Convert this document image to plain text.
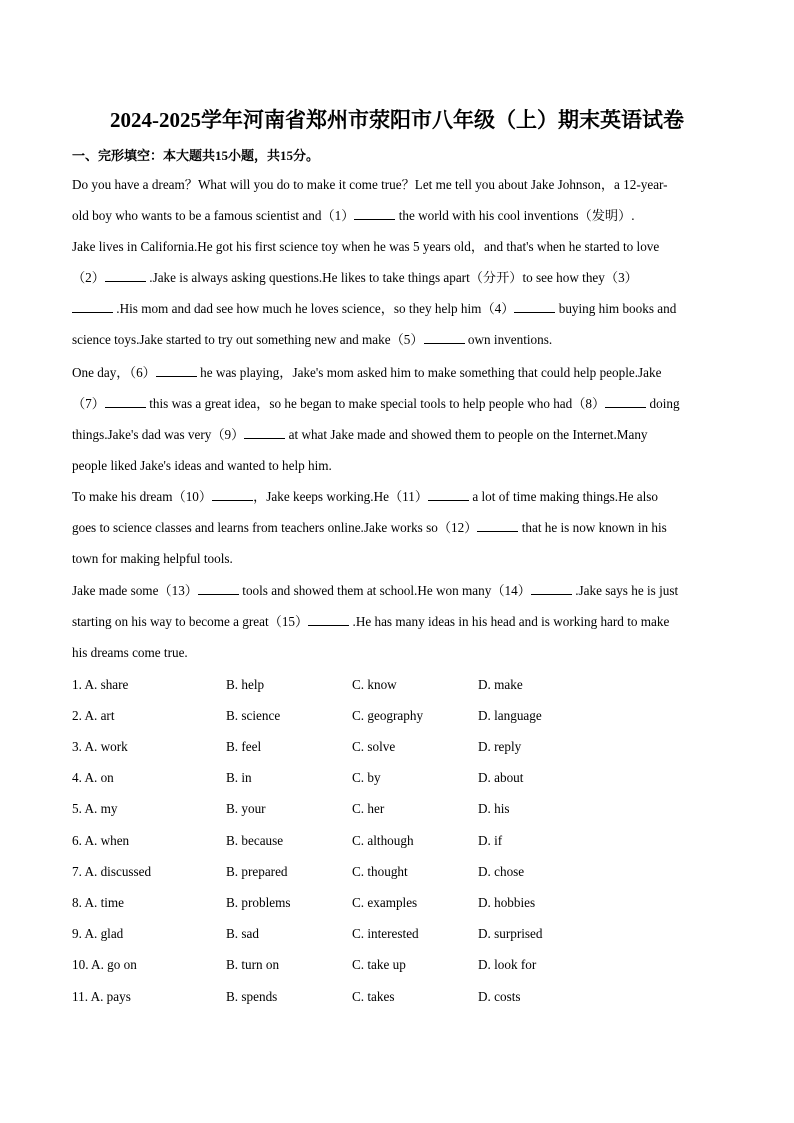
2024-2025学年河南省郑州市荥阳市八年级（上）期末英语试卷
一、完形填空：本大题共15小题，共15分。
Do you have a dream？What will you do to make it come true？Let me tell you about Jake Johnson，a 12-year-
old boy who wants to be a famous scientist and（1）	the world with his cool inventions（发明）.
Jake lives in California.He got his first science toy when he was 5 years old，and that's when he started to love
（2）	.Jake is always asking questions.He likes to take things apart（分开）to see how they（3）
.His mom and dad see how much he loves science，so they help him（4）	buying him books and
science toys.Jake started to try out something new and make（5）	own inventions.
One day，（6）	he was playing，Jake's mom asked him to make something that could help people.Jake
（7）	this was a great idea，so he began to make special tools to help people who had（8）	doing
things.Jake's dad was very（9）	at what Jake made and showed them to people on the Internet.Many
people liked Jake's ideas and wanted to help him.
To make his dream（10）	，Jake keeps working.He（11）	a lot of time making things.He also
goes to science classes and learns from teachers online.Jake works so（12）	that he is now known in his
town for making helpful tools.
Jake made some（13）	tools and showed them at school.He won many（14）	.Jake says he is just
starting on his way to become a great（15）	.He has many ideas in his head and is working hard to make
his dreams come true.
1. A. share	B. help	C. know	D. make
2. A. art	B. science	C. geography	D. language
3. A. work	B. feel	C. solve	D. reply
4. A. on	B. in	C. by	D. about
5. A. my	B. your	C. her	D. his
6. A. when	B. because	C. although	D. if
7. A. discussed	B. prepared	C. thought	D. chose
8. A. time	B. problems	C. examples	D. hobbies
9. A. glad	B. sad	C. interested	D. surprised
10. A. go on	B. turn on	C. take up	D. look for
11. A. pays	B. spends	C. takes	D. costs
